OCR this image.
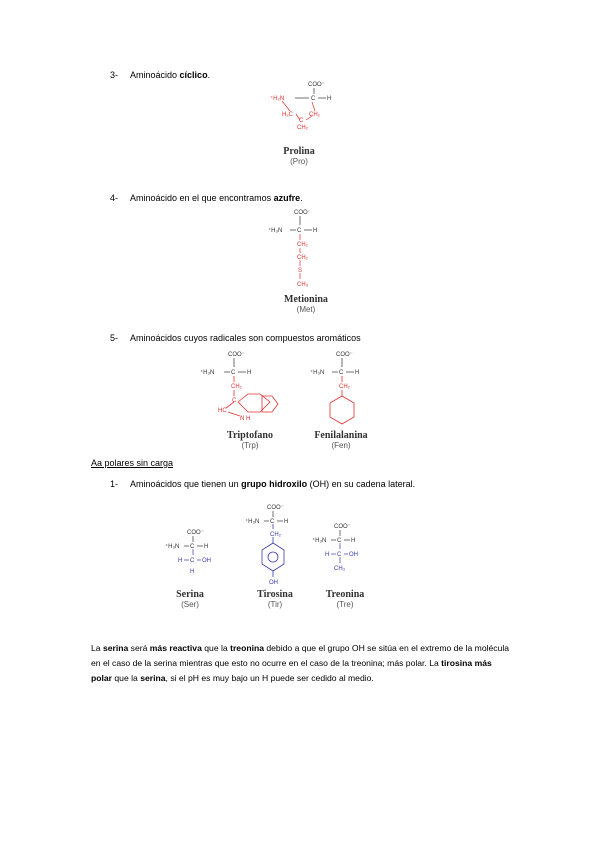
3- Aminoácido cíclico.
COO⁻
⁺H₂N	C H
H₂C	CH₂
C
CH₂
Prolina
(Pro)
4- Aminoácido en el que encontramos azufre.
COO⁻
⁺H₃N C H
CH₂
CH₂
S
CH₃
Metionina
(Met)
5- Aminoácidos cuyos radicales son compuestos aromáticos
COO⁻
⁺H₃N	C H
CH₂
C
HC
N H
Triptofano
(Trp)
COO⁻
⁺H₃N C H
CH₂
Fenilalanina
(Fen)
Aa polares sin carga
1- Aminoácidos que tienen un grupo hidroxilo (OH) en su cadena lateral.
COO⁻
⁺H₃N C H
H C OH
H
Serina
(Ser)
COO⁻
⁺H₃N C H
CH₂
OH
Tirosina
(Tir)
COO⁻
⁺H₃N C H
H C OH
CH₃
Treonina
(Tre)
La serina será más reactiva que la treonina debido a que el grupo OH se sitúa en el extremo de la molécula en el caso de la serina mientras que esto no ocurre en el caso de la treonina; más polar. La tirosina más polar que la serina, si el pH es muy bajo un H puede ser cedido al medio.
